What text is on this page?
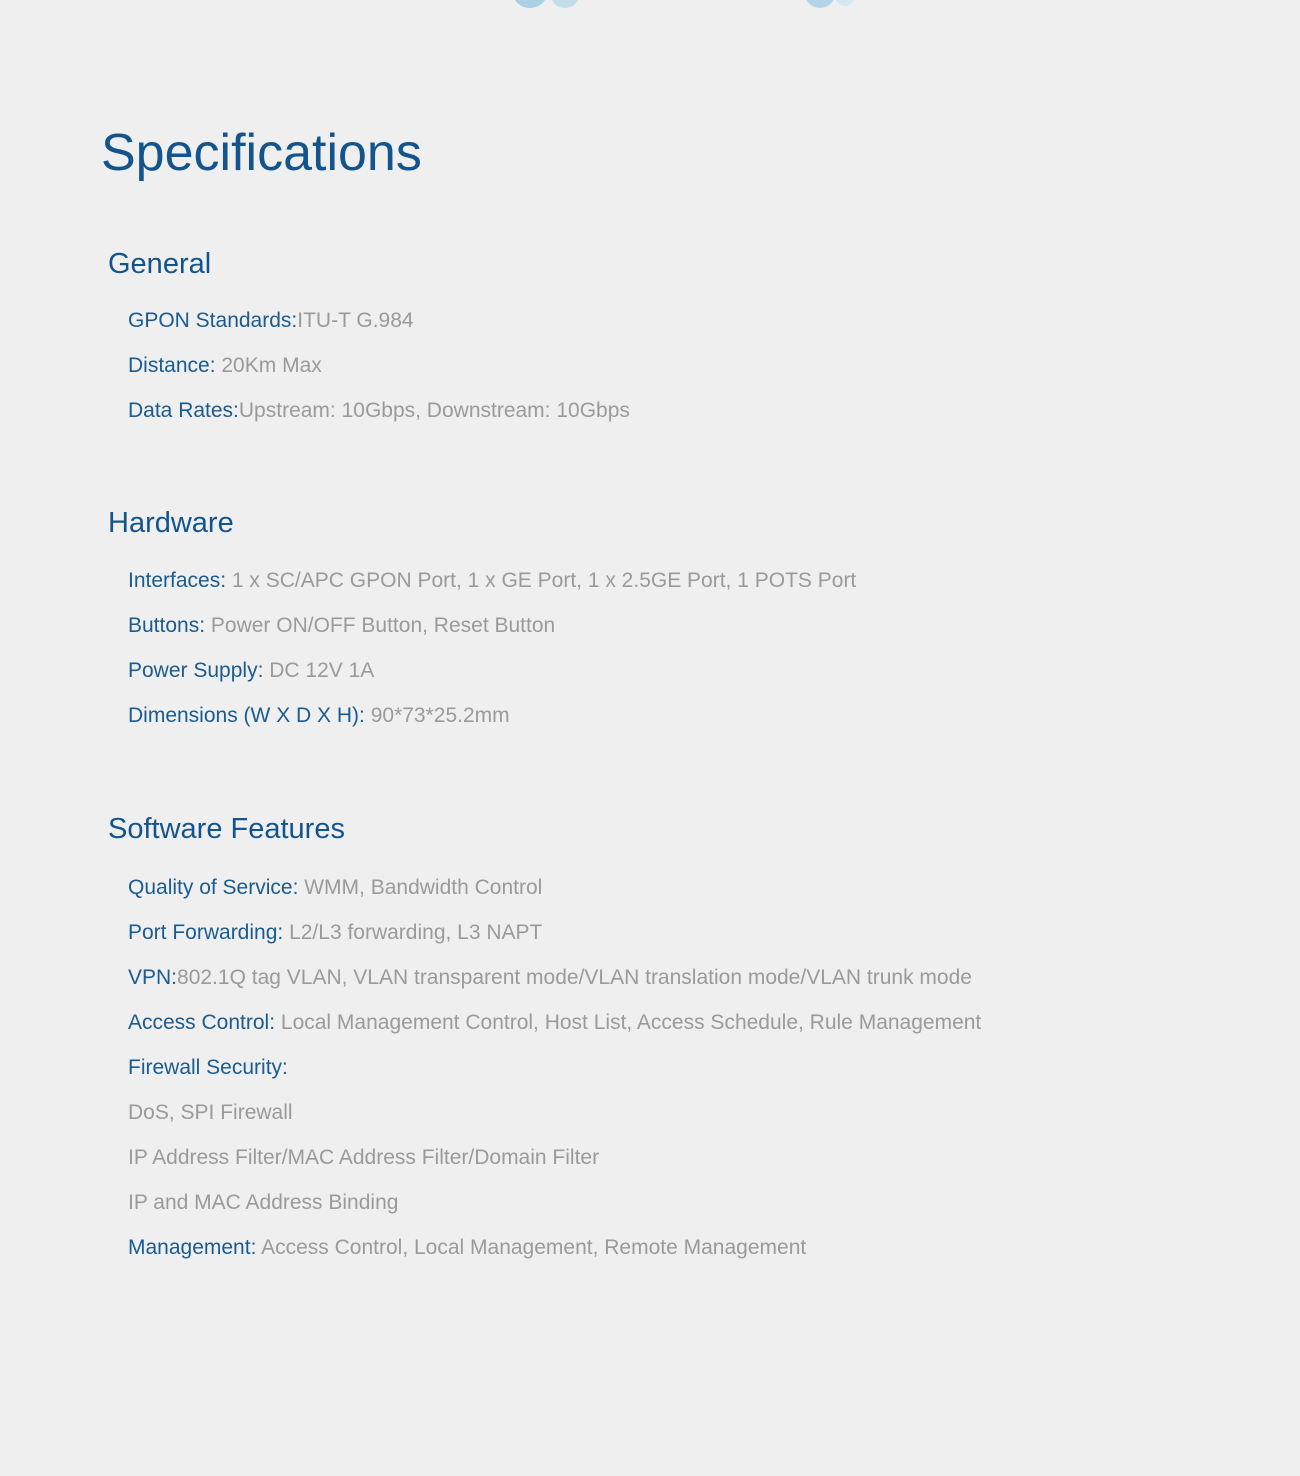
Specifications
General
GPON Standards:ITU-T G.984
Distance: 20Km Max
Data Rates:Upstream: 10Gbps, Downstream: 10Gbps
Hardware
Interfaces: 1 x SC/APC GPON Port, 1 x GE Port, 1 x 2.5GE Port, 1 POTS Port
Buttons: Power ON/OFF Button, Reset Button
Power Supply: DC 12V 1A
Dimensions (W X D X H): 90*73*25.2mm
Software Features
Quality of Service: WMM, Bandwidth Control
Port Forwarding: L2/L3 forwarding, L3 NAPT
VPN:802.1Q tag VLAN, VLAN transparent mode/VLAN translation mode/VLAN trunk mode
Access Control: Local Management Control, Host List, Access Schedule, Rule Management
Firewall Security:
DoS, SPI Firewall
IP Address Filter/MAC Address Filter/Domain Filter
IP and MAC Address Binding
Management: Access Control, Local Management, Remote Management
